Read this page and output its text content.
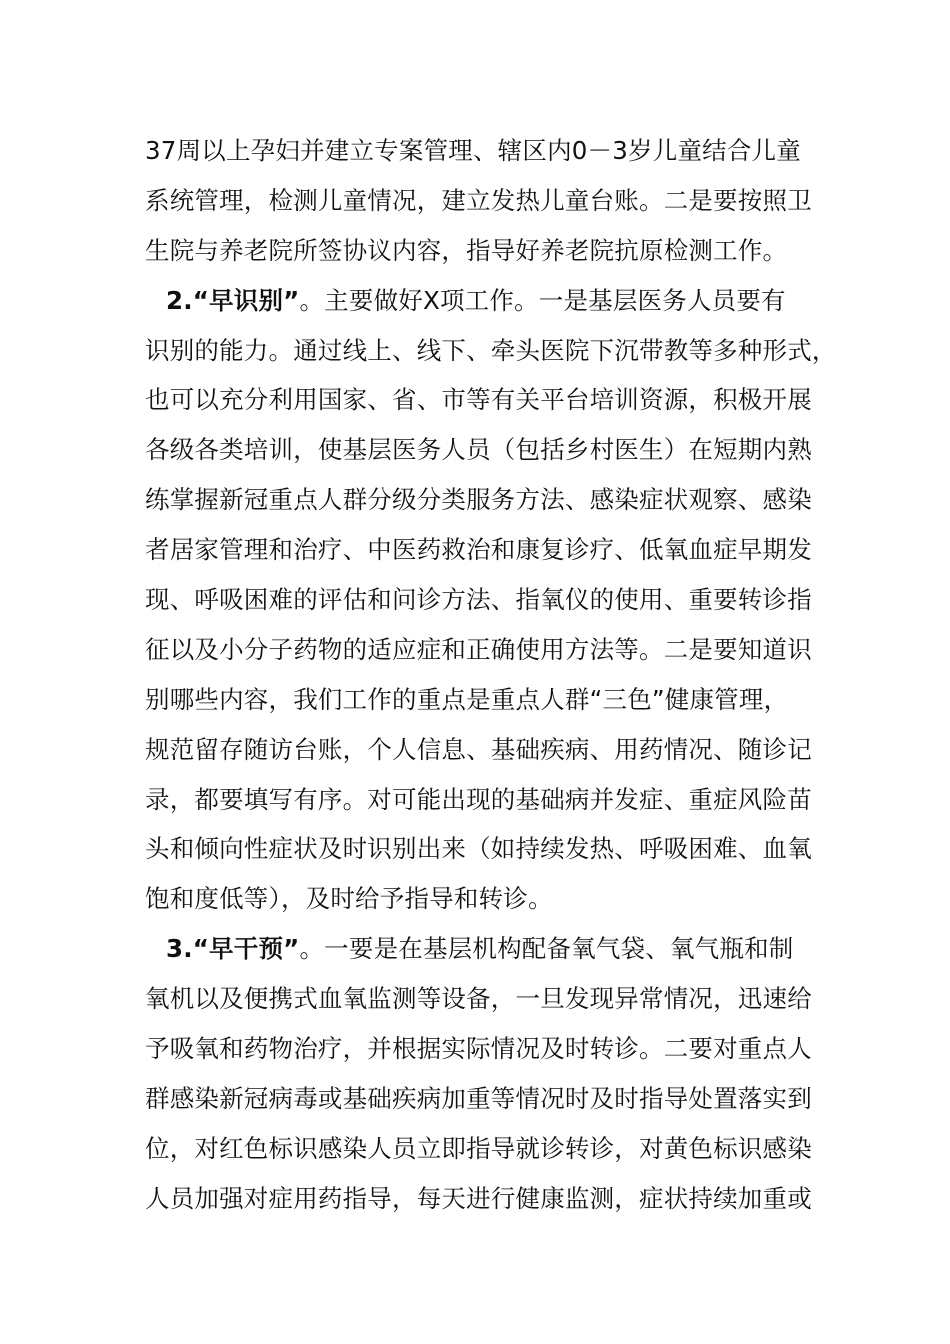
37周以上孕妇并建立专案管理、辖区内0－3岁儿童结合儿童
系统管理，检测儿童情况，建立发热儿童台账。二是要按照卫
生院与养老院所签协议内容，指导好养老院抗原检测工作。
2.“早识别”。主要做好X项工作。一是基层医务人员要有
识别的能力。通过线上、线下、牵头医院下沉带教等多种形式，
也可以充分利用国家、省、市等有关平台培训资源，积极开展
各级各类培训，使基层医务人员（包括乡村医生）在短期内熟
练掌握新冠重点人群分级分类服务方法、感染症状观察、感染
者居家管理和治疗、中医药救治和康复诊疗、低氧血症早期发
现、呼吸困难的评估和问诊方法、指氧仪的使用、重要转诊指
征以及小分子药物的适应症和正确使用方法等。二是要知道识
别哪些内容，我们工作的重点是重点人群“三色”健康管理，
规范留存随访台账，个人信息、基础疾病、用药情况、随诊记
录，都要填写有序。对可能出现的基础病并发症、重症风险苗
头和倾向性症状及时识别出来（如持续发热、呼吸困难、血氧
饱和度低等），及时给予指导和转诊。
3.“早干预”。一要是在基层机构配备氧气袋、氧气瓶和制
氧机以及便携式血氧监测等设备，一旦发现异常情况，迅速给
予吸氧和药物治疗，并根据实际情况及时转诊。二要对重点人
群感染新冠病毒或基础疾病加重等情况时及时指导处置落实到
位，对红色标识感染人员立即指导就诊转诊，对黄色标识感染
人员加强对症用药指导，每天进行健康监测，症状持续加重或
